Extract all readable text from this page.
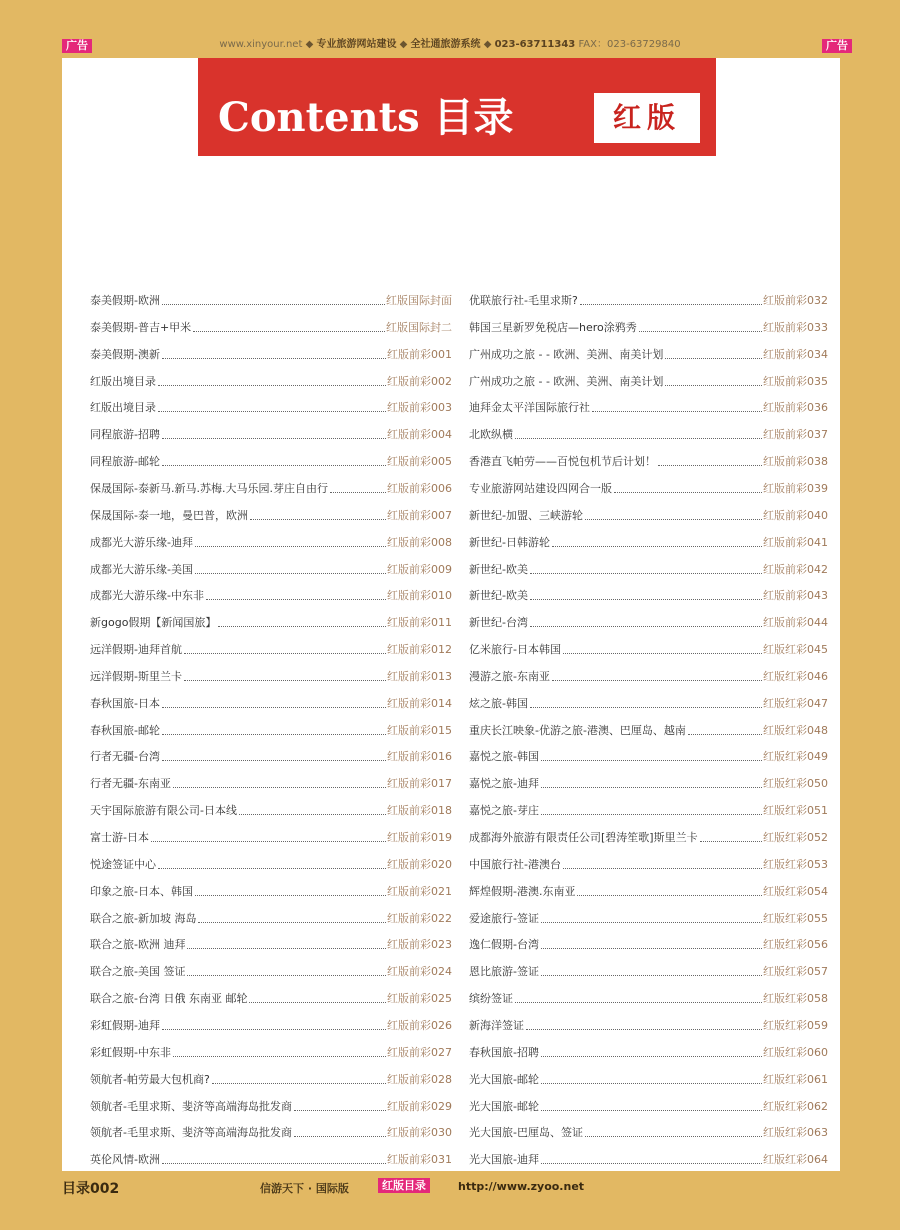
广告	www.xinyour.net ◆ 专业旅游网站建设 ◆ 全社通旅游系统 ◆ 023-63711343 FAX：023-63729840	广告
Contents 目录	红版
泰美假期-欧洲	红版国际封面
泰美假期-普吉+甲米	红版国际封二
泰美假期-澳新	红版前彩001
红版出境目录	红版前彩002
红版出境目录	红版前彩003
同程旅游-招聘	红版前彩004
同程旅游-邮轮	红版前彩005
保晟国际-泰新马.新马.苏梅.大马乐园.芽庄自由行	红版前彩006
保晟国际-泰一地，曼巴普，欧洲	红版前彩007
成都光大游乐缘-迪拜	红版前彩008
成都光大游乐缘-美国	红版前彩009
成都光大游乐缘-中东非	红版前彩010
新gogo假期【新闻国旅】	红版前彩011
远洋假期-迪拜首航	红版前彩012
远洋假期-斯里兰卡	红版前彩013
春秋国旅-日本	红版前彩014
春秋国旅-邮轮	红版前彩015
行者无疆-台湾	红版前彩016
行者无疆-东南亚	红版前彩017
天宇国际旅游有限公司-日本线	红版前彩018
富士游-日本	红版前彩019
悦途签证中心	红版前彩020
印象之旅-日本、韩国	红版前彩021
联合之旅-新加坡 海岛	红版前彩022
联合之旅-欧洲 迪拜	红版前彩023
联合之旅-美国 签证	红版前彩024
联合之旅-台湾 日俄 东南亚 邮轮	红版前彩025
彩虹假期-迪拜	红版前彩026
彩虹假期-中东非	红版前彩027
领航者-帕劳最大包机商?	红版前彩028
领航者-毛里求斯、斐济等高端海岛批发商	红版前彩029
领航者-毛里求斯、斐济等高端海岛批发商	红版前彩030
英伦风情-欧洲	红版前彩031
优联旅行社-毛里求斯?	红版前彩032
韩国三星新罗免税店—hero涂鸦秀	红版前彩033
广州成功之旅 - - 欧洲、美洲、南美计划	红版前彩034
广州成功之旅 - - 欧洲、美洲、南美计划	红版前彩035
迪拜金太平洋国际旅行社	红版前彩036
北欧纵横	红版前彩037
香港直飞帕劳——百悦包机节后计划！	红版前彩038
专业旅游网站建设四网合一版	红版前彩039
新世纪-加盟、三峡游轮	红版前彩040
新世纪-日韩游轮	红版前彩041
新世纪-欧美	红版前彩042
新世纪-欧美	红版前彩043
新世纪-台湾	红版前彩044
亿米旅行-日本韩国	红版红彩045
漫游之旅-东南亚	红版红彩046
炫之旅-韩国	红版红彩047
重庆长江映象-优游之旅-港澳、巴厘岛、越南	红版红彩048
嘉悦之旅-韩国	红版红彩049
嘉悦之旅-迪拜	红版红彩050
嘉悦之旅-芽庄	红版红彩051
成都海外旅游有限责任公司[碧涛笙歌]斯里兰卡	红版红彩052
中国旅行社-港澳台	红版红彩053
辉煌假期-港澳.东南亚	红版红彩054
爱途旅行-签证	红版红彩055
逸仁假期-台湾	红版红彩056
恩比旅游-签证	红版红彩057
缤纷签证	红版红彩058
新海洋签证	红版红彩059
春秋国旅-招聘	红版红彩060
光大国旅-邮轮	红版红彩061
光大国旅-邮轮	红版红彩062
光大国旅-巴厘岛、签证	红版红彩063
光大国旅-迪拜	红版红彩064
目录002	信游天下 · 国际版	红版目录	http://www.zyoo.net
